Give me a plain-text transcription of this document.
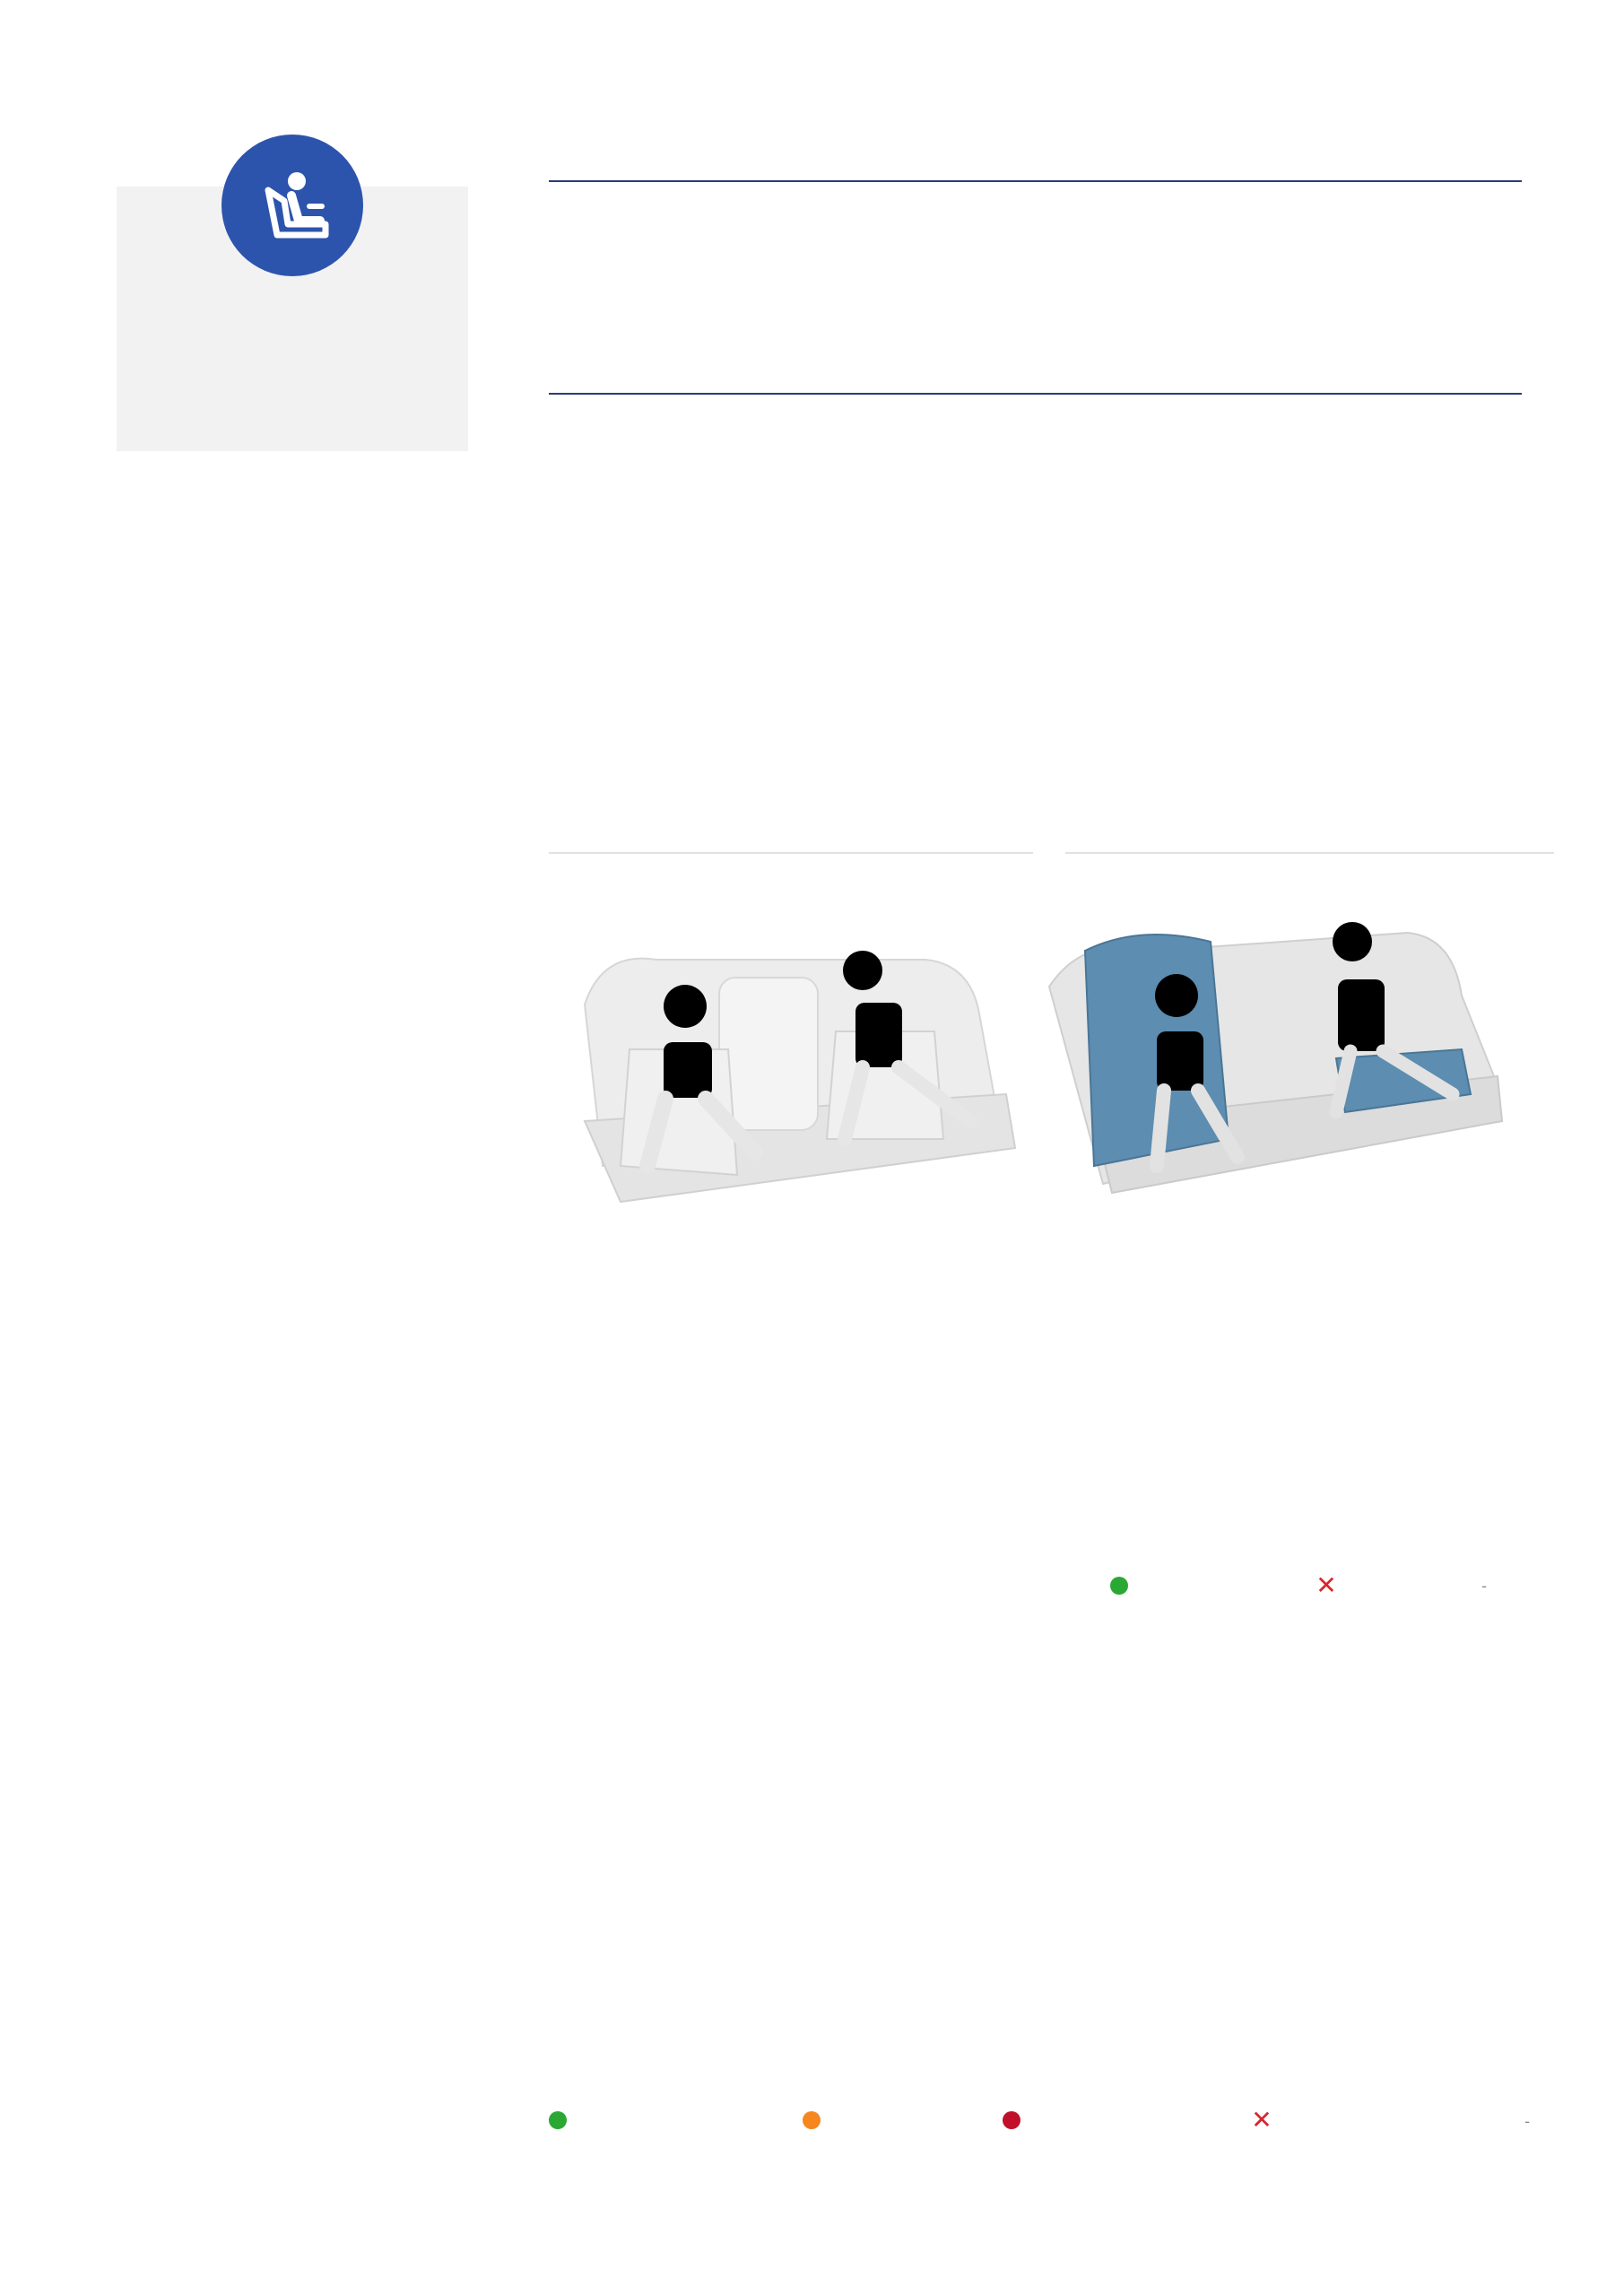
✕	-
✕	-
